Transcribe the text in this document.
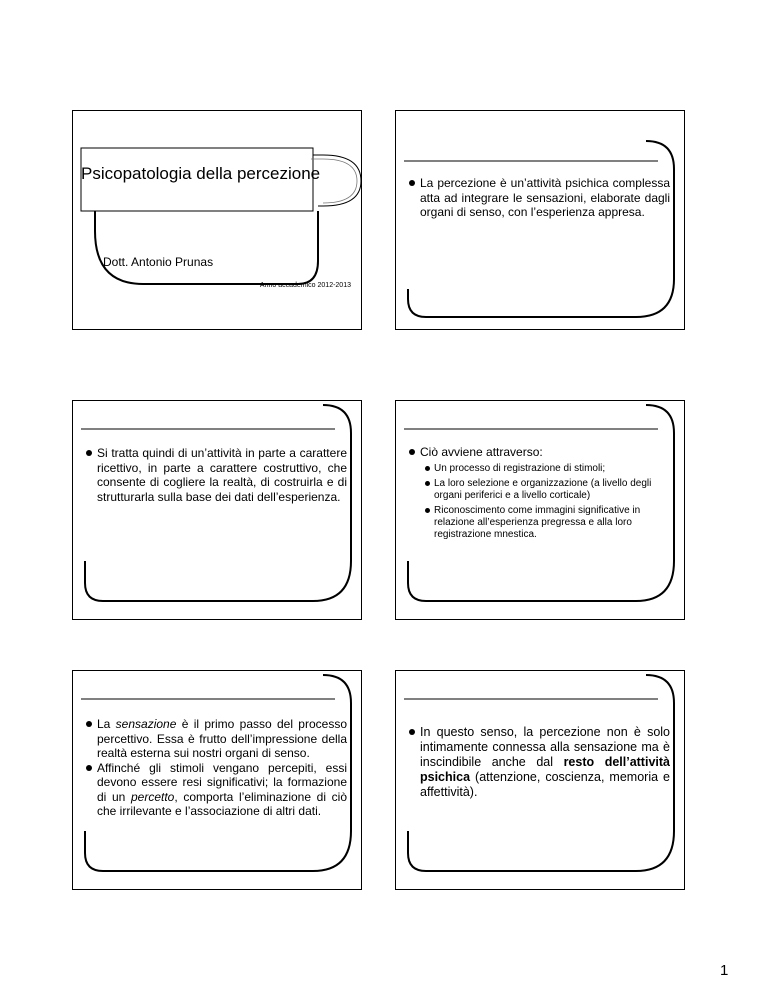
Psicopatologia della percezione

Dott. Antonio Prunas

Anno accademico 2012-2013

La percezione è un’attività psichica complessa atta ad integrare le sensazioni, elaborate dagli organi di senso, con l’esperienza appresa.
Si tratta quindi di un’attività in parte a carattere ricettivo, in parte a carattere costruttivo, che consente di cogliere la realtà, di costruirla e di strutturarla sulla base dei dati dell’esperienza.
Ciò avviene attraverso:
Un processo di registrazione di stimoli;
La loro selezione e organizzazione (a livello degli organi periferici e a livello corticale)
Riconoscimento come immagini significative in relazione all’esperienza pregressa e alla loro registrazione mnestica.
La sensazione è il primo passo del processo percettivo. Essa è frutto dell’impressione della realtà esterna sui nostri organi di senso.
Affinché gli stimoli vengano percepiti, essi devono essere resi significativi; la formazione di un percetto, comporta l’eliminazione di ciò che irrilevante e l’associazione di altri dati.
In questo senso, la percezione non è solo intimamente connessa alla sensazione ma è inscindibile anche dal resto dell’attività psichica (attenzione, coscienza, memoria e affettività).

1
